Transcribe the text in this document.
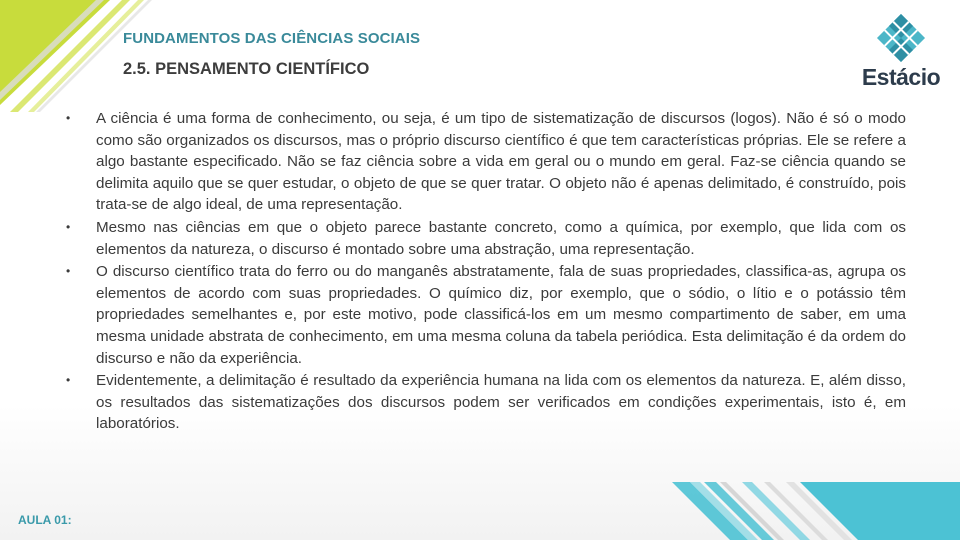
FUNDAMENTOS DAS CIÊNCIAS SOCIAIS
2.5. PENSAMENTO CIENTÍFICO	Estácio
• A ciência é uma forma de conhecimento, ou seja, é um tipo de sistematização de discursos (logos). Não é só o modo como são organizados os discursos, mas o próprio discurso científico é que tem características próprias. Ele se refere a algo bastante especificado. Não se faz ciência sobre a vida em geral ou o mundo em geral. Faz-se ciência quando se delimita aquilo que se quer estudar, o objeto de que se quer tratar. O objeto não é apenas delimitado, é construído, pois trata-se de algo ideal, de uma representação.
• Mesmo nas ciências em que o objeto parece bastante concreto, como a química, por exemplo, que lida com os elementos da natureza, o discurso é montado sobre uma abstração, uma representação.
• O discurso científico trata do ferro ou do manganês abstratamente, fala de suas propriedades, classifica-as, agrupa os elementos de acordo com suas propriedades. O químico diz, por exemplo, que o sódio, o lítio e o potássio têm propriedades semelhantes e, por este motivo, pode classificá-los em um mesmo compartimento de saber, em uma mesma unidade abstrata de conhecimento, em uma mesma coluna da tabela periódica. Esta delimitação é da ordem do discurso e não da experiência.
• Evidentemente, a delimitação é resultado da experiência humana na lida com os elementos da natureza. E, além disso, os resultados das sistematizações dos discursos podem ser verificados em condições experimentais, isto é, em laboratórios.
AULA 01:
